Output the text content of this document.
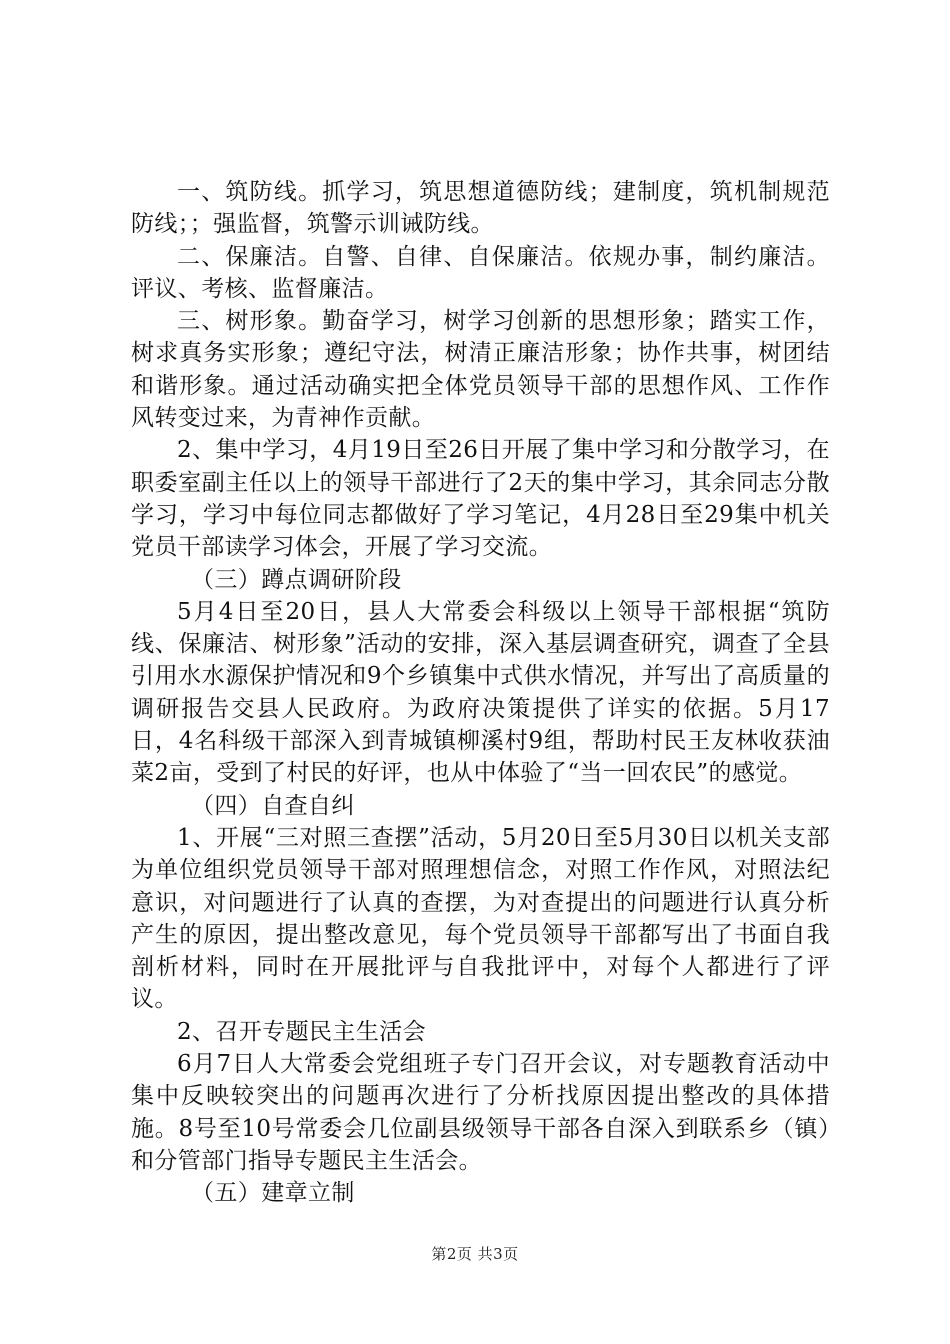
一、筑防线。抓学习，筑思想道德防线；建制度，筑机制规范防线；；强监督，筑警示训诫防线。

二、保廉洁。自警、自律、自保廉洁。依规办事，制约廉洁。评议、考核、监督廉洁。

三、树形象。勤奋学习，树学习创新的思想形象；踏实工作，树求真务实形象；遵纪守法，树清正廉洁形象；协作共事，树团结和谐形象。通过活动确实把全体党员领导干部的思想作风、工作作风转变过来，为青神作贡献。

2、集中学习，4月19日至26日开展了集中学习和分散学习，在职委室副主任以上的领导干部进行了2天的集中学习，其余同志分散学习，学习中每位同志都做好了学习笔记，4月28日至29集中机关党员干部读学习体会，开展了学习交流。

（三）蹲点调研阶段

5月4日至20日，县人大常委会科级以上领导干部根据“筑防线、保廉洁、树形象”活动的安排，深入基层调查研究，调查了全县引用水水源保护情况和9个乡镇集中式供水情况，并写出了高质量的调研报告交县人民政府。为政府决策提供了详实的依据。5月17日，4名科级干部深入到青城镇柳溪村9组，帮助村民王友林收获油菜2亩，受到了村民的好评，也从中体验了“当一回农民”的感觉。

（四）自查自纠

1、开展“三对照三查摆”活动，5月20日至5月30日以机关支部为单位组织党员领导干部对照理想信念，对照工作作风，对照法纪意识，对问题进行了认真的查摆，为对查提出的问题进行认真分析产生的原因，提出整改意见，每个党员领导干部都写出了书面自我剖析材料，同时在开展批评与自我批评中，对每个人都进行了评议。

2、召开专题民主生活会

6月7日人大常委会党组班子专门召开会议，对专题教育活动中集中反映较突出的问题再次进行了分析找原因提出整改的具体措施。8号至10号常委会几位副县级领导干部各自深入到联系乡（镇）和分管部门指导专题民主生活会。

（五）建章立制

第2页 共3页
